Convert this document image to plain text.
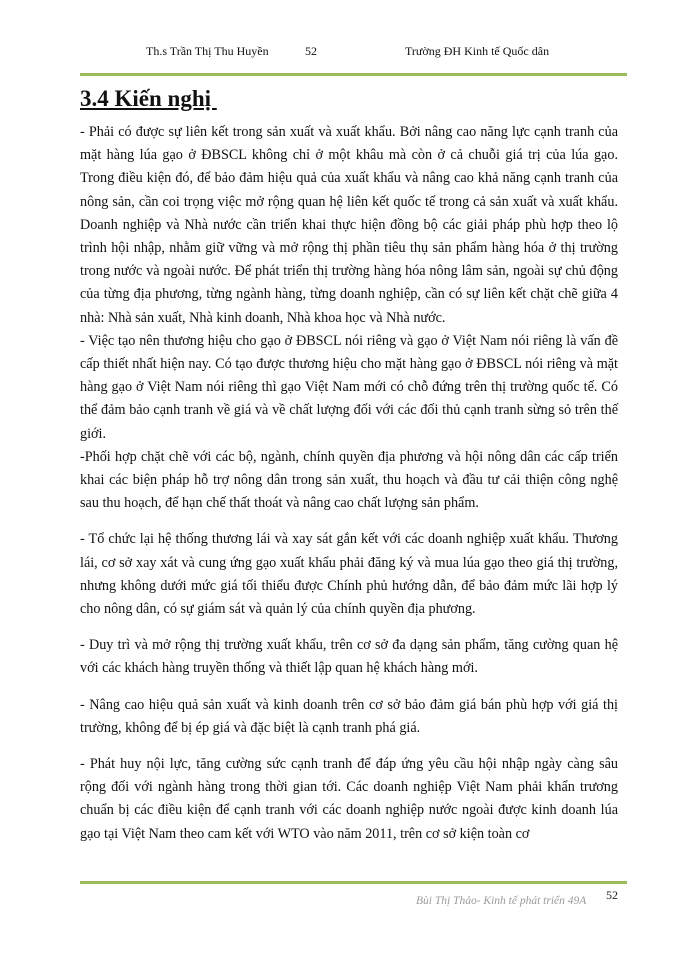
Th.s Trần Thị Thu Huyền	52	Trường ĐH Kinh tế Quốc dân
3.4 Kiến nghị

- Phải có được sự liên kết trong sản xuất và xuất khẩu. Bởi nâng cao năng lực cạnh tranh của mặt hàng lúa gạo ở ĐBSCL không chỉ ở một khâu mà còn ở cả chuỗi giá trị của lúa gạo. Trong điều kiện đó, để bảo đảm hiệu quả của xuất khẩu và nâng cao khả năng cạnh tranh của nông sản, cần coi trọng việc mở rộng quan hệ liên kết quốc tế trong cả sản xuất và xuất khẩu. Doanh nghiệp và Nhà nước cần triển khai thực hiện đồng bộ các giải pháp phù hợp theo lộ trình hội nhập, nhằm giữ vững và mở rộng thị phần tiêu thụ sản phẩm hàng hóa ở thị trường trong nước và ngoài nước. Để phát triển thị trường hàng hóa nông lâm sản, ngoài sự chủ động của từng địa phương, từng ngành hàng, từng doanh nghiệp, cần có sự liên kết chặt chẽ giữa 4 nhà: Nhà sản xuất, Nhà kinh doanh, Nhà khoa học và Nhà nước.

- Việc tạo nên thương hiệu cho gạo ở ĐBSCL nói riêng và gạo ở Việt Nam nói riêng là vấn đề cấp thiết nhất hiện nay. Có tạo được thương hiệu cho mặt hàng gạo ở ĐBSCL nói riêng và mặt hàng gạo ở Việt Nam nói riêng thì gạo Việt Nam mới có chỗ đứng trên thị trường quốc tế. Có thể đảm bảo cạnh tranh về giá và về chất lượng đối với các đối thủ cạnh tranh sừng sỏ trên thế giới.

-Phối hợp chặt chẽ với các bộ, ngành, chính quyền địa phương và hội nông dân các cấp triển khai các biện pháp hỗ trợ nông dân trong sản xuất, thu hoạch và đầu tư cải thiện công nghệ sau thu hoạch, để hạn chế thất thoát và nâng cao chất lượng sản phẩm.

- Tổ chức lại hệ thống thương lái và xay sát gắn kết với các doanh nghiệp xuất khẩu. Thương lái, cơ sở xay xát và cung ứng gạo xuất khẩu phải đăng ký và mua lúa gạo theo giá thị trường, nhưng không dưới mức giá tối thiểu được Chính phủ hướng dẫn, để bảo đảm mức lãi hợp lý cho nông dân, có sự giám sát và quản lý của chính quyền địa phương.

- Duy trì và mở rộng thị trường xuất khẩu, trên cơ sở đa dạng sản phẩm, tăng cường quan hệ với các khách hàng truyền thống và thiết lập quan hệ khách hàng mới.

- Nâng cao hiệu quả sản xuất và kinh doanh trên cơ sở bảo đảm giá bán phù hợp với giá thị trường, không để bị ép giá và đặc biệt là cạnh tranh phá giá.

- Phát huy nội lực, tăng cường sức cạnh tranh để đáp ứng yêu cầu hội nhập ngày càng sâu rộng đối với ngành hàng trong thời gian tới. Các doanh nghiệp Việt Nam phải khẩn trương chuẩn bị các điều kiện để cạnh tranh với các doanh nghiệp nước ngoài được kinh doanh lúa gạo tại Việt Nam theo cam kết với WTO vào năm 2011, trên cơ sở kiện toàn cơ

Bùi Thị Thảo- Kinh tế phát triển 49A 52
